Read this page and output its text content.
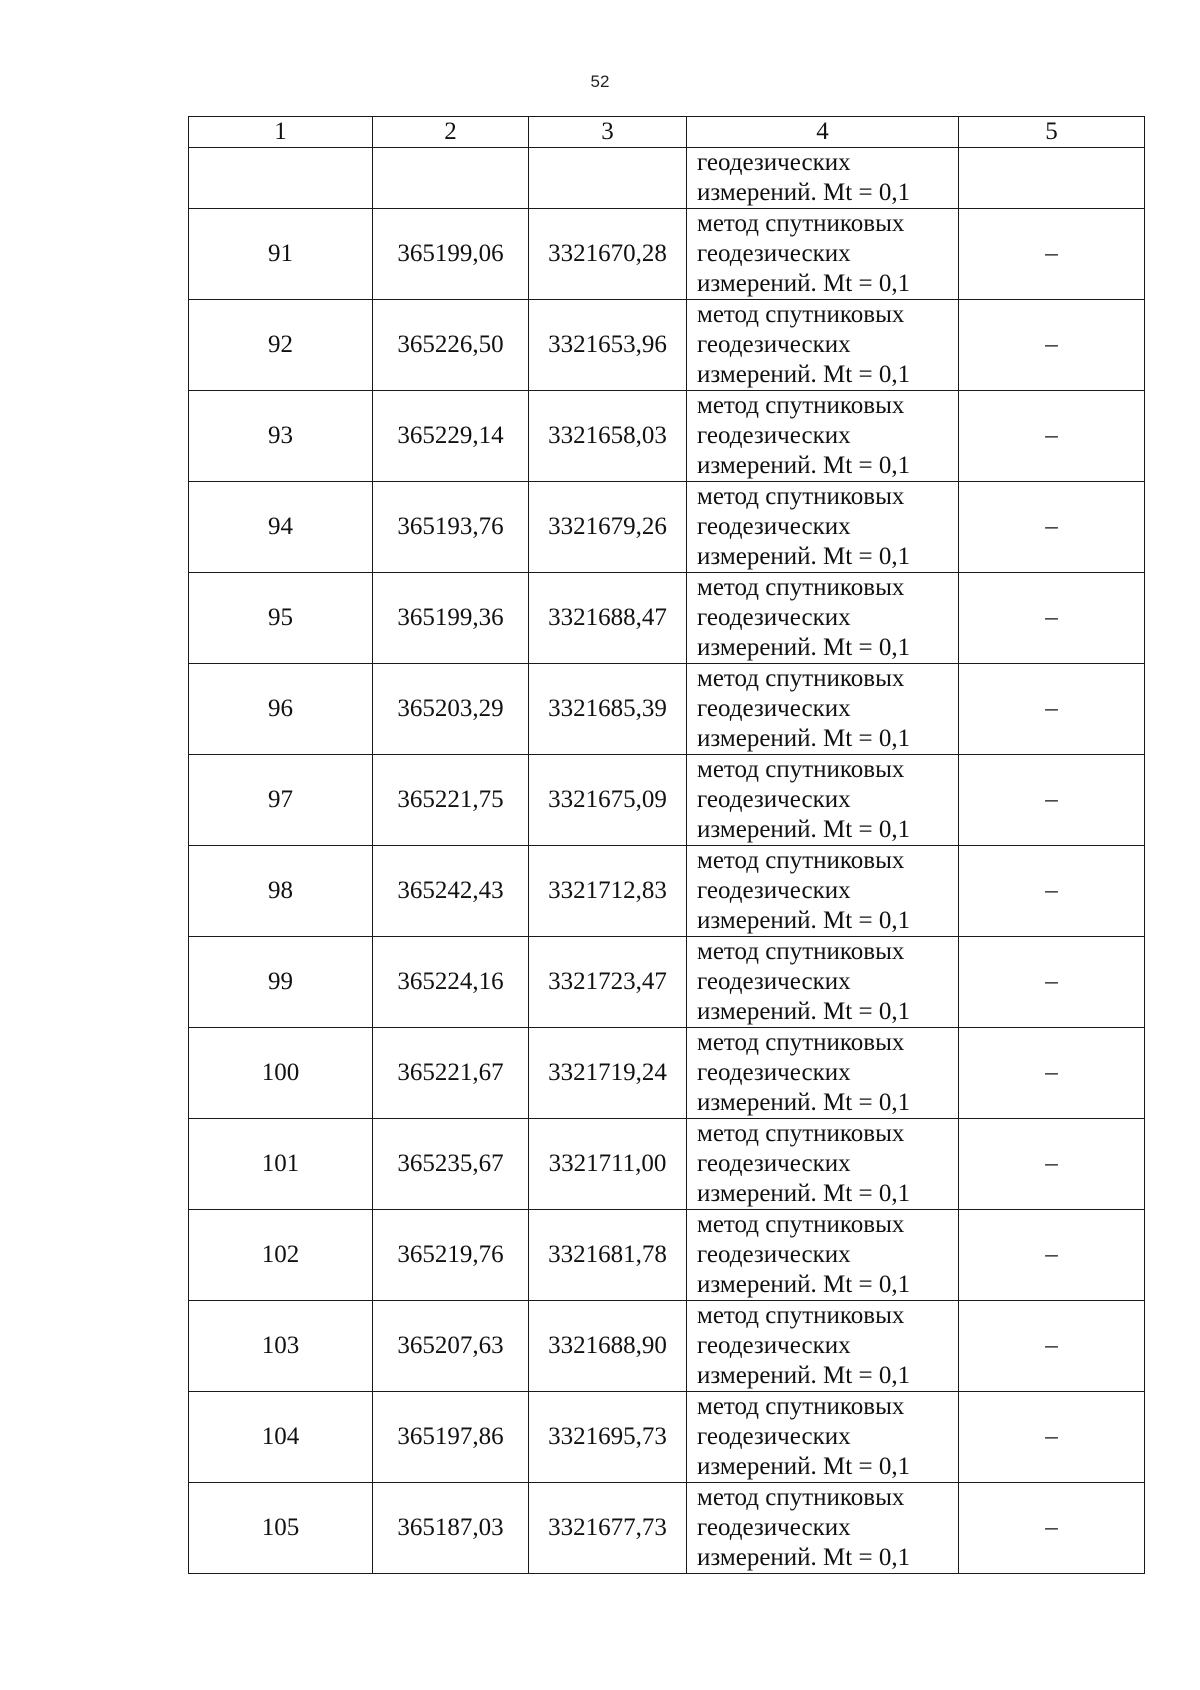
52
1	2	3	4	5

			геодезических
измерений. Mt = 0,1	

91	365199,06	3321670,28	метод спутниковых
геодезических
измерений. Mt = 0,1	–
92	365226,50	3321653,96	метод спутниковых
геодезических
измерений. Mt = 0,1	–
93	365229,14	3321658,03	метод спутниковых
геодезических
измерений. Mt = 0,1	–
94	365193,76	3321679,26	метод спутниковых
геодезических
измерений. Mt = 0,1	–
95	365199,36	3321688,47	метод спутниковых
геодезических
измерений. Mt = 0,1	–
96	365203,29	3321685,39	метод спутниковых
геодезических
измерений. Mt = 0,1	–
97	365221,75	3321675,09	метод спутниковых
геодезических
измерений. Mt = 0,1	–
98	365242,43	3321712,83	метод спутниковых
геодезических
измерений. Mt = 0,1	–
99	365224,16	3321723,47	метод спутниковых
геодезических
измерений. Mt = 0,1	–
100	365221,67	3321719,24	метод спутниковых
геодезических
измерений. Mt = 0,1	–
101	365235,67	3321711,00	метод спутниковых
геодезических
измерений. Mt = 0,1	–
102	365219,76	3321681,78	метод спутниковых
геодезических
измерений. Mt = 0,1	–
103	365207,63	3321688,90	метод спутниковых
геодезических
измерений. Mt = 0,1	–
104	365197,86	3321695,73	метод спутниковых
геодезических
измерений. Mt = 0,1	–
105	365187,03	3321677,73	метод спутниковых
геодезических
измерений. Mt = 0,1	–
